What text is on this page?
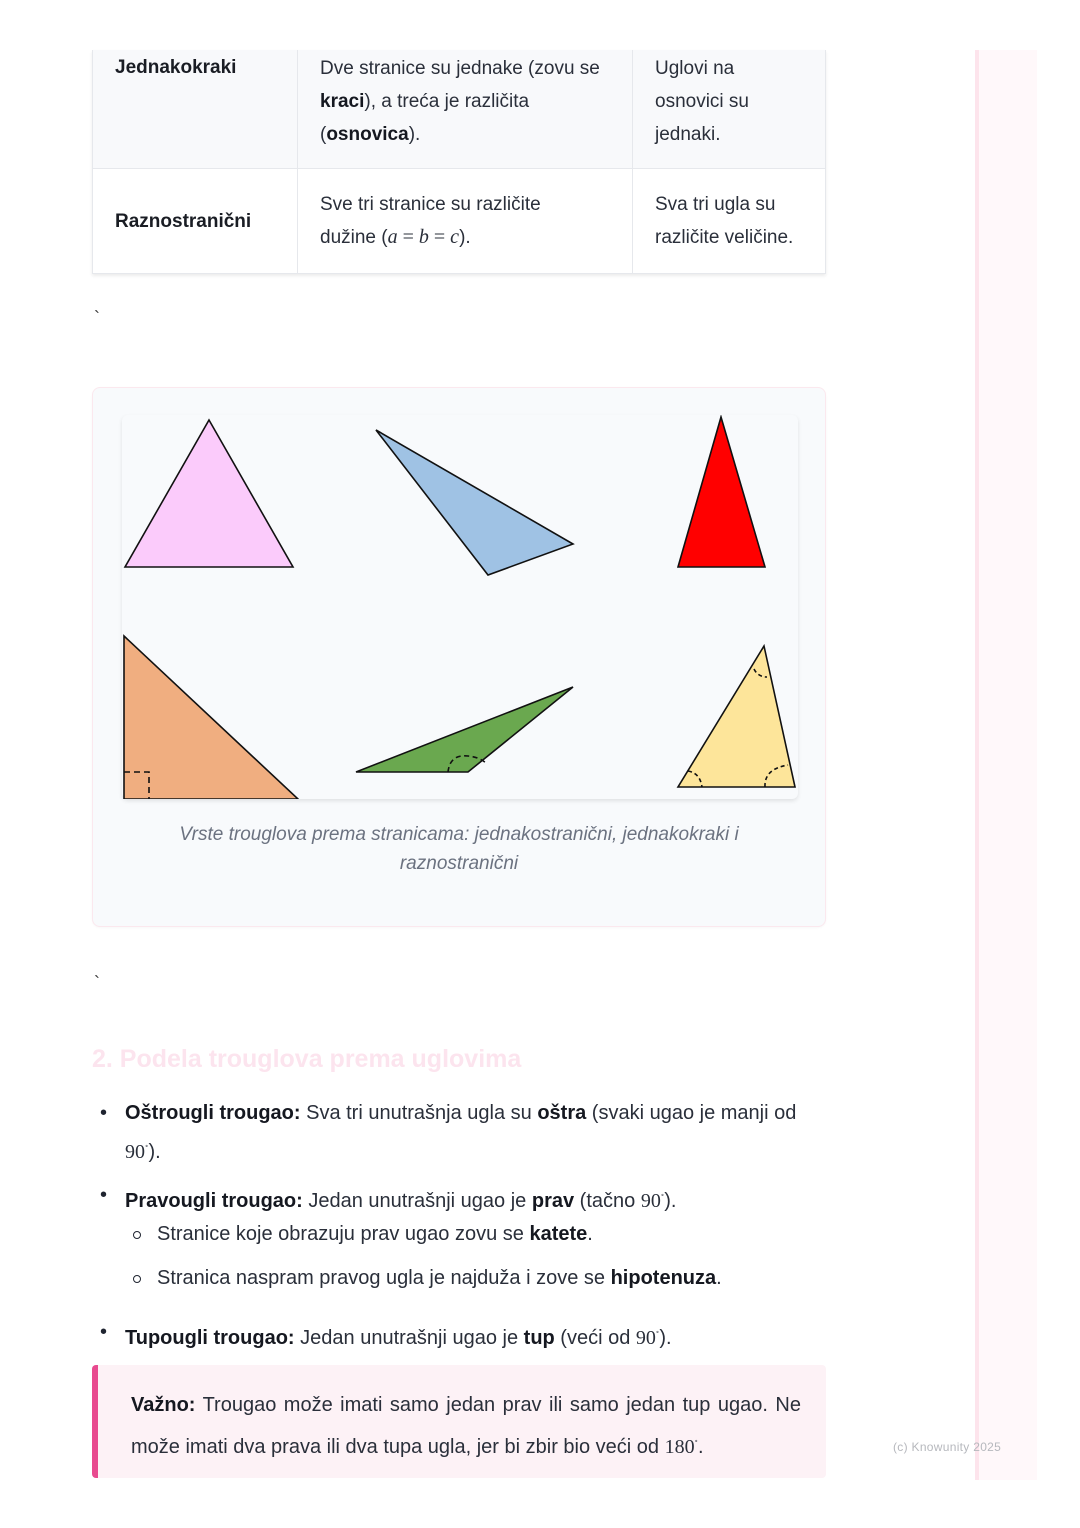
Jednakokraki	Dve stranice su jednake (zovu se kraci), a treća je različita (osnovica).	Uglovi na osnovici su jednaki.

Raznostranični	Sve tri stranice su različite dužine (a = b = c).	Sva tri ugla su različite veličine.
`
Vrste trouglova prema stranicama: jednakostranični, jednakokraki i raznostranični
`
2. Podela trouglova prema uglovima
• Oštrougli trougao: Sva tri unutrašnja ugla su oštra (svaki ugao je manji od 90∘).
• Pravougli trougao: Jedan unutrašnji ugao je prav (tačno 90∘).
Stranice koje obrazuju prav ugao zovu se katete.
Stranica naspram pravog ugla je najduža i zove se hipotenuza.
• Tupougli trougao: Jedan unutrašnji ugao je tup (veći od 90∘).
Važno: Trougao može imati samo jedan prav ili samo jedan tup ugao. Ne može imati dva prava ili dva tupa ugla, jer bi zbir bio veći od 180∘.	(c) Knowunity 2025
